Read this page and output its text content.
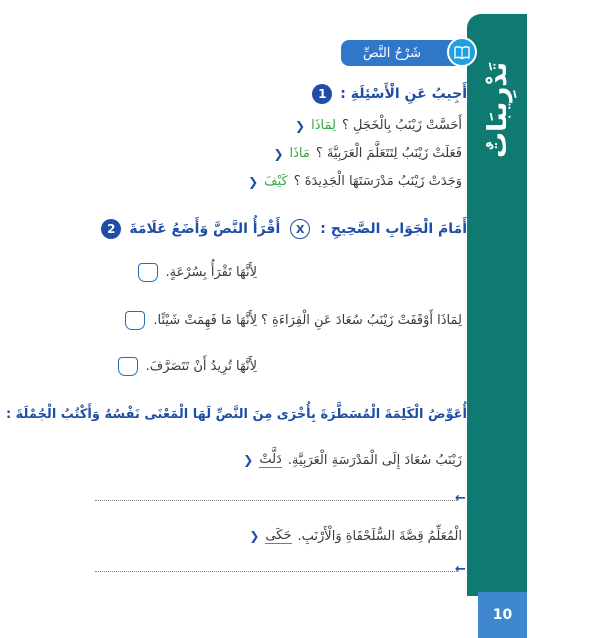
تَدْرِيبَاتٌ
10
شَرْحُ النَّصِّ
1 أَجِيبُ عَنِ الْأَسْئِلَةِ :
❮ لِمَاذَا أَحَسَّتْ زَيْنَبُ بِالْخَجَلِ ؟
❮ مَاذَا فَعَلَتْ زَيْنَبُ لِتَتَعَلَّمَ الْعَرَبِيَّةَ ؟
❮ كَيْفَ وَجَدَتْ زَيْنَبُ مَدْرَسَتَهَا الْجَدِيدَةَ ؟
2 أَقْرَأُ النَّصَّ وَأَضَعُ عَلَامَةَ	X	أَمَامَ الْجَوَابِ الصَّحِيحِ :
لِأَنَّهَا تَقْرَأُ بِسُرْعَةٍ.
لِأَنَّهَا مَا فَهِمَتْ شَيْئًا.
لِأَنَّهَا تُرِيدُ أَنْ تَتَصَرَّفَ.
لِمَاذَا أَوْقَفَتْ زَيْنَبُ سُعَادَ عَنِ الْقِرَاءَةِ ؟
أُعَوِّضُ الْكَلِمَةَ الْمُسَطَّرَةَ بِأُخْرَى مِنَ النَّصِّ لَهَا الْمَعْنَى نَفْسُهُ وَأَكْتُبُ الْجُمْلَةَ :
❮ دَلَّتْ زَيْنَبُ سُعَادَ إِلَى الْمَدْرَسَةِ الْعَرَبِيَّةِ.
←
❮ حَكَى الْمُعَلِّمُ قِصَّةَ السُّلَحْفَاةِ وَالْأَرْنَبِ.
←
